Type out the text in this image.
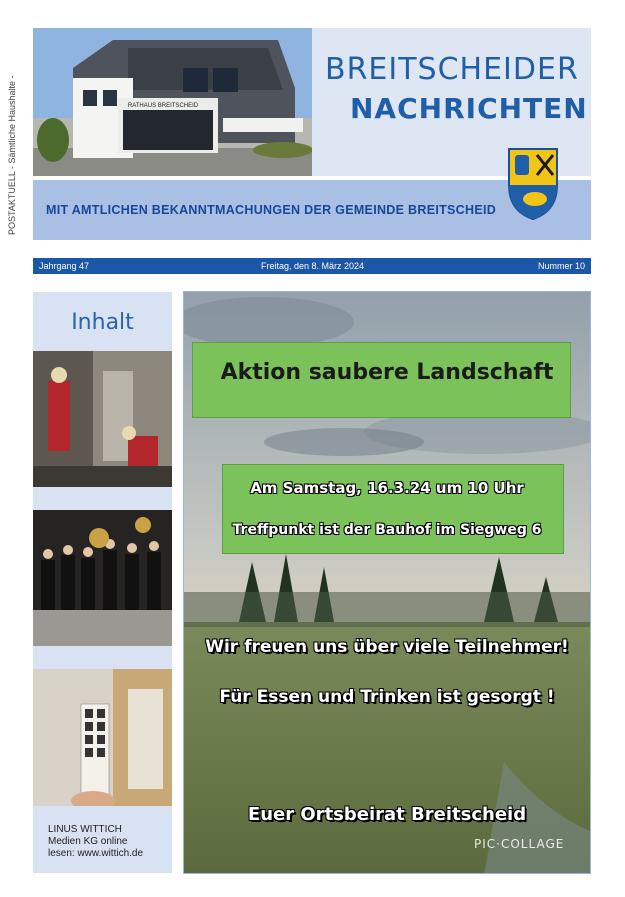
POSTAKTUELL - Sämtliche Haushalte -	RATHAUS BREITSCHEID
BREITSCHEIDER
NACHRICHTEN
MIT AMTLICHEN BEKANNTMACHUNGEN DER GEMEINDE BREITSCHEID
Jahrgang 47	Freitag, den 8. März 2024	Nummer 10
Inhalt
LINUS WITTICH
Medien KG online
lesen: www.wittich.de
Aktion saubere Landschaft
Am Samstag, 16.3.24 um 10 Uhr
Treffpunkt ist der Bauhof im Siegweg 6
Wir freuen uns über viele Teilnehmer!
Für Essen und Trinken ist gesorgt !
Euer Ortsbeirat Breitscheid
PIC·COLLAGE
